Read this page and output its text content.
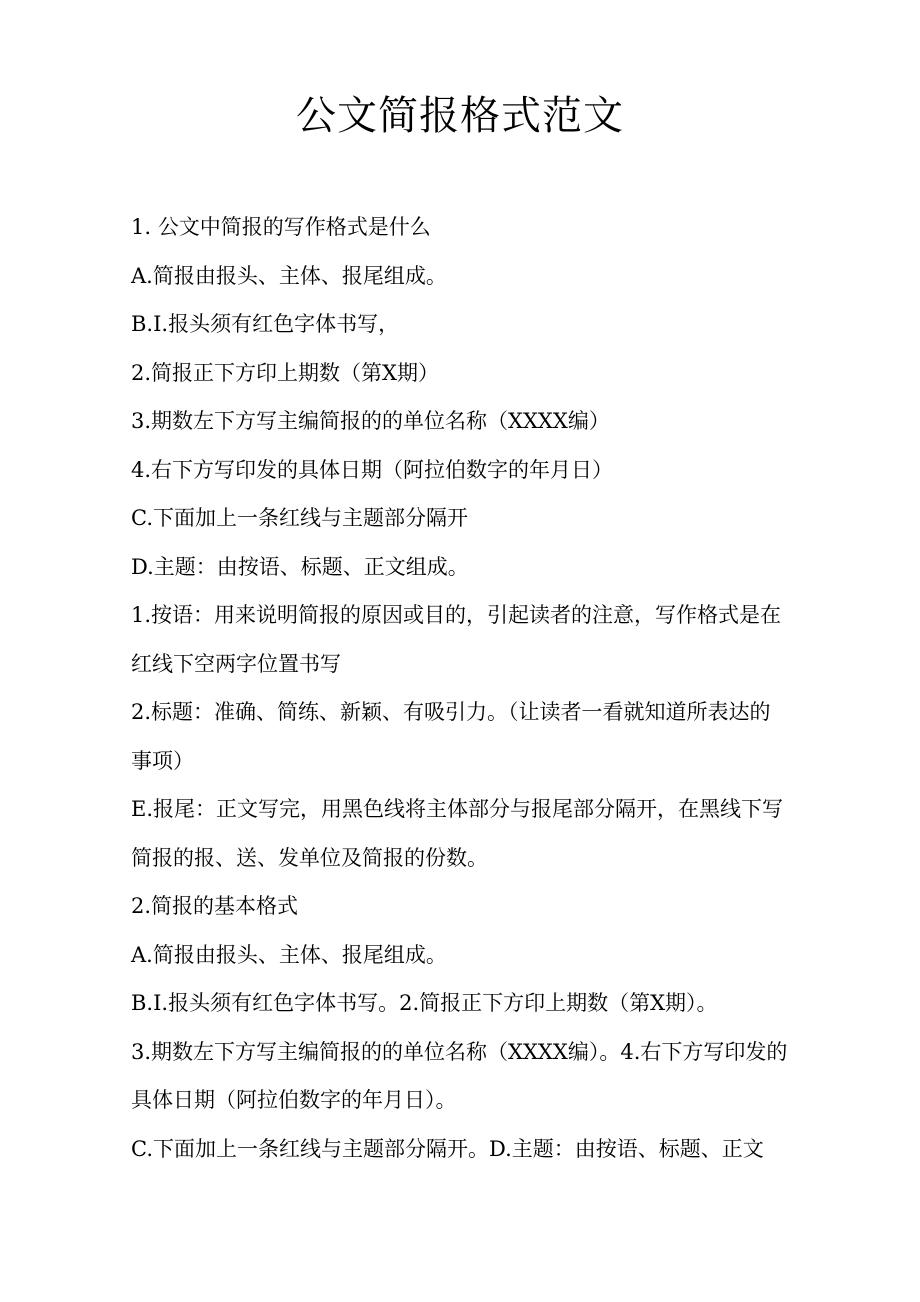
公文简报格式范文

1. 公文中简报的写作格式是什么

A.简报由报头、主体、报尾组成。

B.I.报头须有红色字体书写，

2.简报正下方印上期数（第X期）

3.期数左下方写主编简报的的单位名称（XXXX编）

4.右下方写印发的具体日期（阿拉伯数字的年月日）

C.下面加上一条红线与主题部分隔开

D.主题：由按语、标题、正文组成。

1.按语：用来说明简报的原因或目的，引起读者的注意，写作格式是在红线下空两字位置书写

2.标题：准确、简练、新颖、有吸引力。（让读者一看就知道所表达的事项）

E.报尾：正文写完，用黑色线将主体部分与报尾部分隔开，在黑线下写简报的报、送、发单位及简报的份数。

2.简报的基本格式

A.简报由报头、主体、报尾组成。

B.I.报头须有红色字体书写。2.简报正下方印上期数（第X期）。

3.期数左下方写主编简报的的单位名称（XXXX编）。4.右下方写印发的具体日期（阿拉伯数字的年月日）。

C.下面加上一条红线与主题部分隔开。D.主题：由按语、标题、正文
